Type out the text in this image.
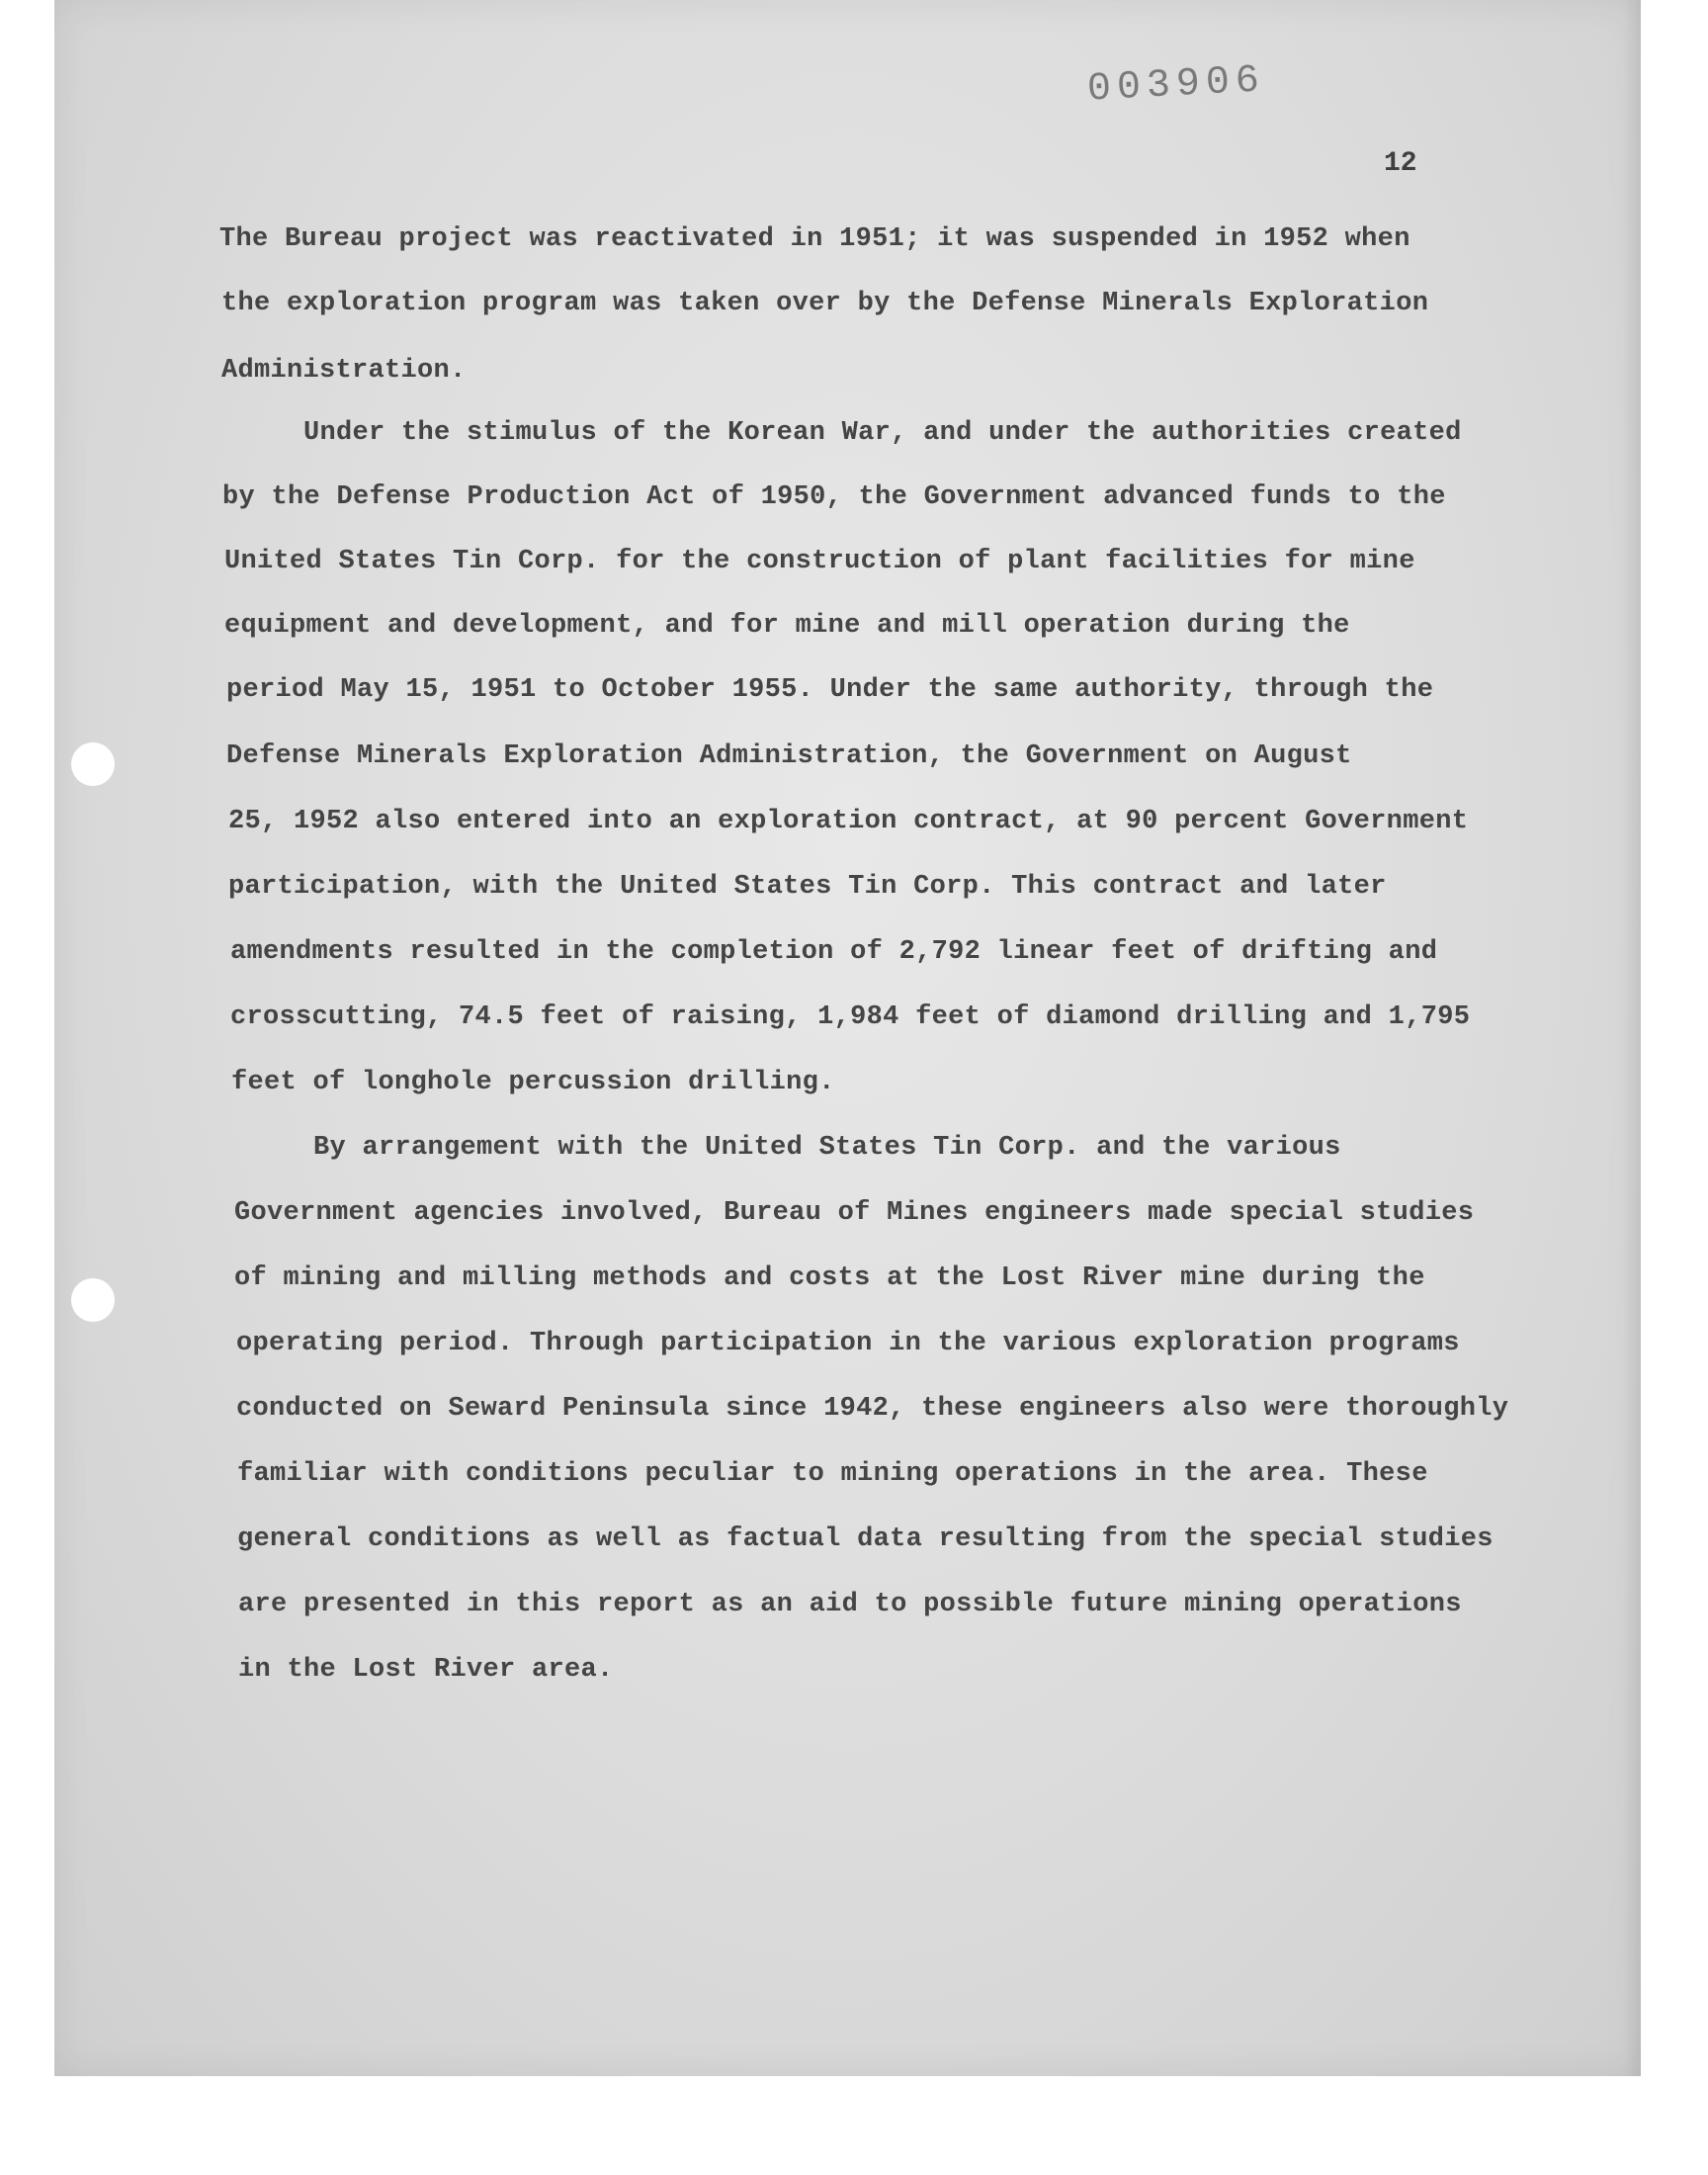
003906
12
The Bureau project was reactivated in 1951; it was suspended in 1952 when
the exploration program was taken over by the Defense Minerals Exploration
Administration.
Under the stimulus of the Korean War, and under the authorities created
by the Defense Production Act of 1950, the Government advanced funds to the
United States Tin Corp. for the construction of plant facilities for mine
equipment and development, and for mine and mill operation during the
period May 15, 1951 to October 1955. Under the same authority, through the
Defense Minerals Exploration Administration, the Government on August
25, 1952 also entered into an exploration contract, at 90 percent Government
participation, with the United States Tin Corp. This contract and later
amendments resulted in the completion of 2,792 linear feet of drifting and
crosscutting, 74.5 feet of raising, 1,984 feet of diamond drilling and 1,795
feet of longhole percussion drilling.
By arrangement with the United States Tin Corp. and the various
Government agencies involved, Bureau of Mines engineers made special studies
of mining and milling methods and costs at the Lost River mine during the
operating period. Through participation in the various exploration programs
conducted on Seward Peninsula since 1942, these engineers also were thoroughly
familiar with conditions peculiar to mining operations in the area. These
general conditions as well as factual data resulting from the special studies
are presented in this report as an aid to possible future mining operations
in the Lost River area.
